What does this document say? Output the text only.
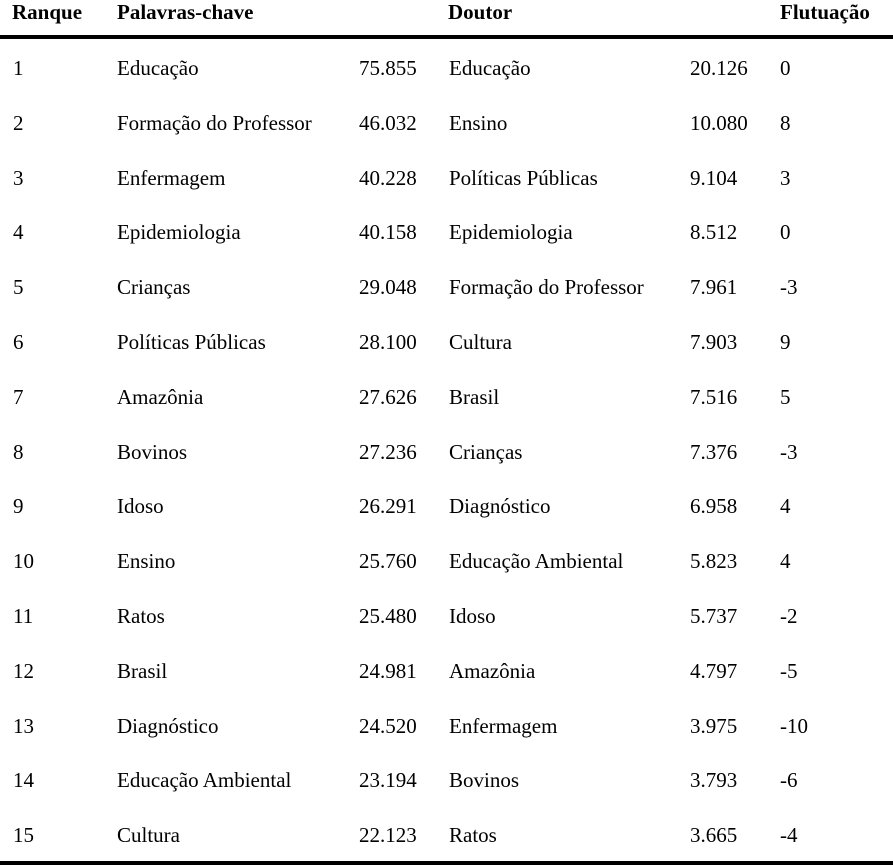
Ranque Palavras-chave	Doutor	Flutuação
1	Educação	75.855 Educação	20.126 0
2	Formação do Professor 46.032 Ensino	10.080 8
3	Enfermagem	40.228 Políticas Públicas	9.104 3
4	Epidemiologia	40.158 Epidemiologia	8.512 0
5	Crianças	29.048 Formação do Professor 7.961 -3
6	Políticas Públicas	28.100 Cultura	7.903 9
7	Amazônia	27.626 Brasil	7.516 5
8	Bovinos	27.236 Crianças	7.376 -3
9	Idoso	26.291 Diagnóstico	6.958 4
10	Ensino	25.760 Educação Ambiental	5.823 4
11	Ratos	25.480 Idoso	5.737 -2
12	Brasil	24.981 Amazônia	4.797 -5
13	Diagnóstico	24.520 Enfermagem	3.975 -10
14	Educação Ambiental	23.194 Bovinos	3.793 -6
15	Cultura	22.123 Ratos	3.665 -4
